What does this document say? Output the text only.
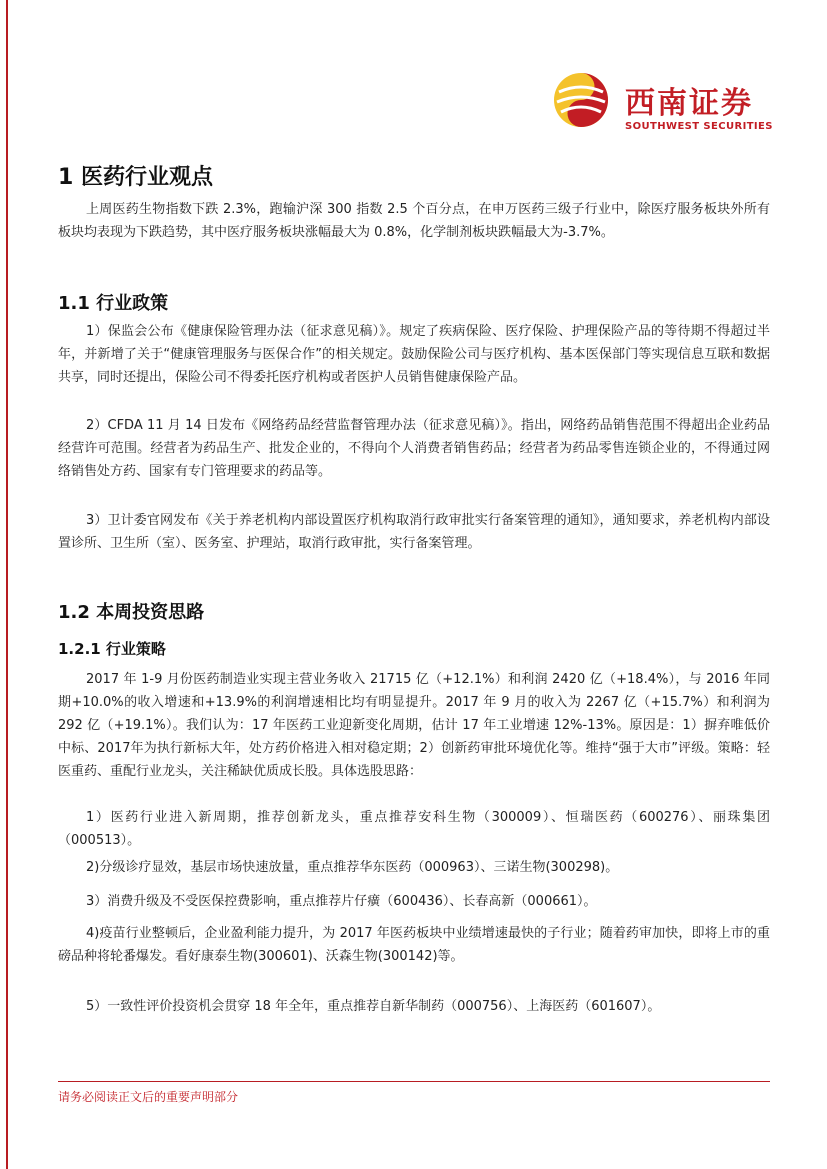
西南证券
SOUTHWEST SECURITIES
1 医药行业观点

上周医药生物指数下跌 2.3%，跑输沪深 300 指数 2.5 个百分点，在申万医药三级子行业中，除医疗服务板块外所有板块均表现为下跌趋势，其中医疗服务板块涨幅最大为 0.8%，化学制剂板块跌幅最大为-3.7%。

1.1 行业政策

1）保监会公布《健康保险管理办法（征求意见稿）》。规定了疾病保险、医疗保险、护理保险产品的等待期不得超过半年，并新增了关于“健康管理服务与医保合作”的相关规定。鼓励保险公司与医疗机构、基本医保部门等实现信息互联和数据共享，同时还提出，保险公司不得委托医疗机构或者医护人员销售健康保险产品。

2）CFDA 11 月 14 日发布《网络药品经营监督管理办法（征求意见稿）》。指出，网络药品销售范围不得超出企业药品经营许可范围。经营者为药品生产、批发企业的，不得向个人消费者销售药品；经营者为药品零售连锁企业的，不得通过网络销售处方药、国家有专门管理要求的药品等。

3）卫计委官网发布《关于养老机构内部设置医疗机构取消行政审批实行备案管理的通知》，通知要求，养老机构内部设置诊所、卫生所（室）、医务室、护理站，取消行政审批，实行备案管理。

1.2 本周投资思路
1.2.1 行业策略

2017 年 1-9 月份医药制造业实现主营业务收入 21715 亿（+12.1%）和利润 2420 亿（+18.4%），与 2016 年同期+10.0%的收入增速和+13.9%的利润增速相比均有明显提升。2017 年 9 月的收入为 2267 亿（+15.7%）和利润为 292 亿（+19.1%）。我们认为：17 年医药工业迎新变化周期，估计 17 年工业增速 12%-13%。原因是：1）摒弃唯低价中标、2017年为执行新标大年，处方药价格进入相对稳定期；2）创新药审批环境优化等。维持“强于大市”评级。策略：轻医重药、重配行业龙头，关注稀缺优质成长股。具体选股思路：

1）医药行业进入新周期，推荐创新龙头，重点推荐安科生物（300009）、恒瑞医药（600276）、丽珠集团（000513）。

2)分级诊疗显效，基层市场快速放量，重点推荐华东医药（000963）、三诺生物(300298)。

3）消费升级及不受医保控费影响，重点推荐片仔癀（600436）、长春高新（000661）。

4)疫苗行业整顿后，企业盈利能力提升，为 2017 年医药板块中业绩增速最快的子行业；随着药审加快，即将上市的重磅品种将轮番爆发。看好康泰生物(300601)、沃森生物(300142)等。

5）一致性评价投资机会贯穿 18 年全年，重点推荐自新华制药（000756）、上海医药（601607）。

请务必阅读正文后的重要声明部分
